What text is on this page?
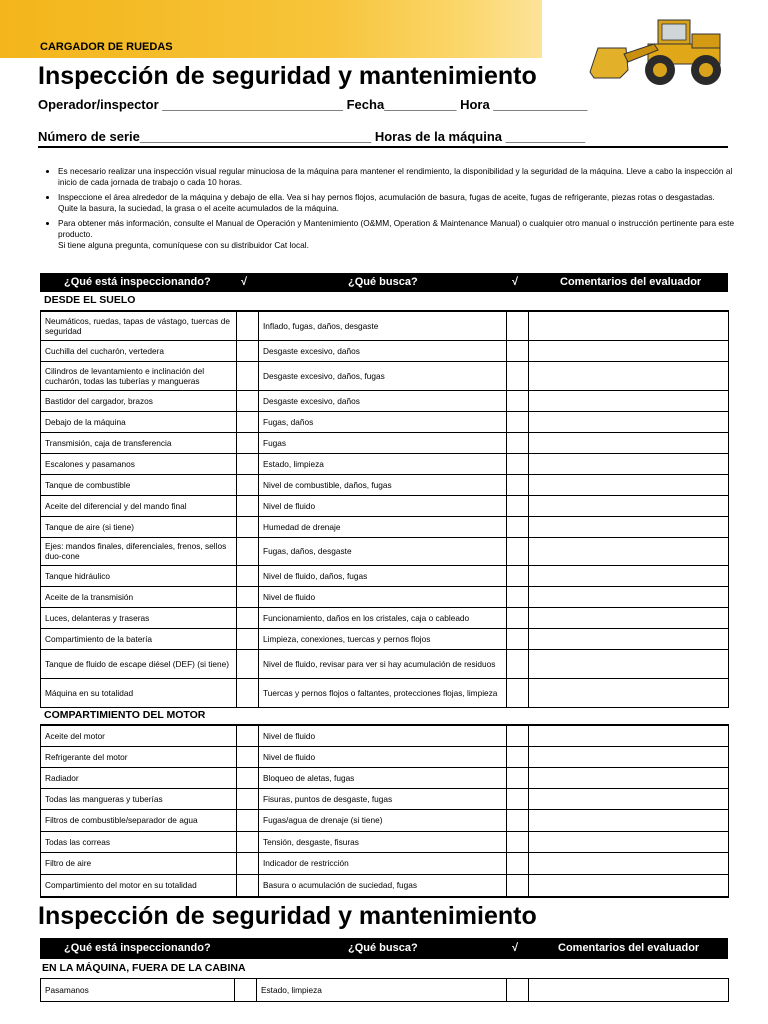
CARGADOR DE RUEDAS
Inspección de seguridad y mantenimiento
Operador/inspector _________________________ Fecha__________ Hora _____________
Número de serie________________________________ Horas de la máquina ___________
• Es necesario realizar una inspección visual regular minuciosa de la máquina para mantener el rendimiento, la disponibilidad y la seguridad de la máquina. Lleve a cabo la inspección al inicio de cada jornada de trabajo o cada 10 horas.
• Inspeccione el área alrededor de la máquina y debajo de ella. Vea si hay pernos flojos, acumulación de basura, fugas de aceite, fugas de refrigerante, piezas rotas o desgastadas.
Quite la basura, la suciedad, la grasa o el aceite acumulados de la máquina.
• Para obtener más información, consulte el Manual de Operación y Mantenimiento (O&MM, Operation & Maintenance Manual) o cualquier otro manual o instrucción pertinente para este producto.
Si tiene alguna pregunta, comuníquese con su distribuidor Cat local.
¿Qué está inspeccionando?	√	¿Qué busca?	√	Comentarios del evaluador
DESDE EL SUELO
Neumáticos, ruedas, tapas de vástago, tuercas de seguridad		Inflado, fugas, daños, desgaste		
Cuchilla del cucharón, vertedera		Desgaste excesivo, daños		
Cilindros de levantamiento e inclinación del cucharón, todas las tuberías y mangueras		Desgaste excesivo, daños, fugas		
Bastidor del cargador, brazos		Desgaste excesivo, daños		
Debajo de la máquina		Fugas, daños		
Transmisión, caja de transferencia		Fugas		
Escalones y pasamanos		Estado, limpieza		
Tanque de combustible		Nivel de combustible, daños, fugas		
Aceite del diferencial y del mando final		Nivel de fluido		
Tanque de aire (si tiene)		Humedad de drenaje		
Ejes: mandos finales, diferenciales, frenos, sellos duo-cone		Fugas, daños, desgaste		
Tanque hidráulico		Nivel de fluido, daños, fugas		
Aceite de la transmisión		Nivel de fluido		
Luces, delanteras y traseras		Funcionamiento, daños en los cristales, caja o cableado		
Compartimiento de la batería		Limpieza, conexiones, tuercas y pernos flojos		
Tanque de fluido de escape diésel (DEF) (si tiene)		Nivel de fluido, revisar para ver si hay acumulación de residuos		
Máquina en su totalidad		Tuercas y pernos flojos o faltantes, protecciones flojas, limpieza		
COMPARTIMIENTO DEL MOTOR
Aceite del motor		Nivel de fluido		
Refrigerante del motor		Nivel de fluido		
Radiador		Bloqueo de aletas, fugas		
Todas las mangueras y tuberías		Fisuras, puntos de desgaste, fugas		
Filtros de combustible/separador de agua		Fugas/agua de drenaje (si tiene)		
Todas las correas		Tensión, desgaste, fisuras		
Filtro de aire		Indicador de restricción		
Compartimiento del motor en su totalidad		Basura o acumulación de suciedad, fugas		
Inspección de seguridad y mantenimiento
¿Qué está inspeccionando?	¿Qué busca?	√	Comentarios del evaluador
EN LA MÁQUINA, FUERA DE LA CABINA
Pasamanos		Estado, limpieza		
